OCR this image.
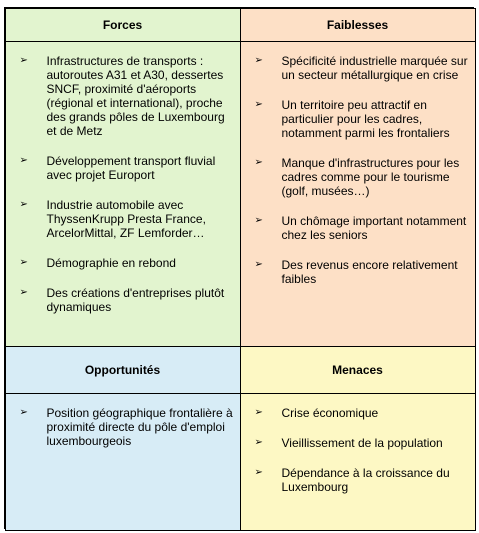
Forces	Faiblesses
➢ Infrastructures de transports : autoroutes A31 et A30, dessertes SNCF, proximité d'aéroports (régional et international), proche des grands pôles de Luxembourg et de Metz
➢ Développement transport fluvial avec projet Europort
➢ Industrie automobile avec ThyssenKrupp Presta France, ArcelorMittal, ZF Lemforder…
➢ Démographie en rebond
➢ Des créations d'entreprises plutôt dynamiques
➢ Spécificité industrielle marquée sur un secteur métallurgique en crise
➢ Un territoire peu attractif en particulier pour les cadres, notamment parmi les frontaliers
➢ Manque d'infrastructures pour les cadres comme pour le tourisme (golf, musées…)
➢ Un chômage important notamment chez les seniors
➢ Des revenus encore relativement faibles
Opportunités	Menaces
➢ Position géographique frontalière à proximité directe du pôle d'emploi luxembourgeois
➢ Crise économique
➢ Vieillissement de la population
➢ Dépendance à la croissance du Luxembourg
